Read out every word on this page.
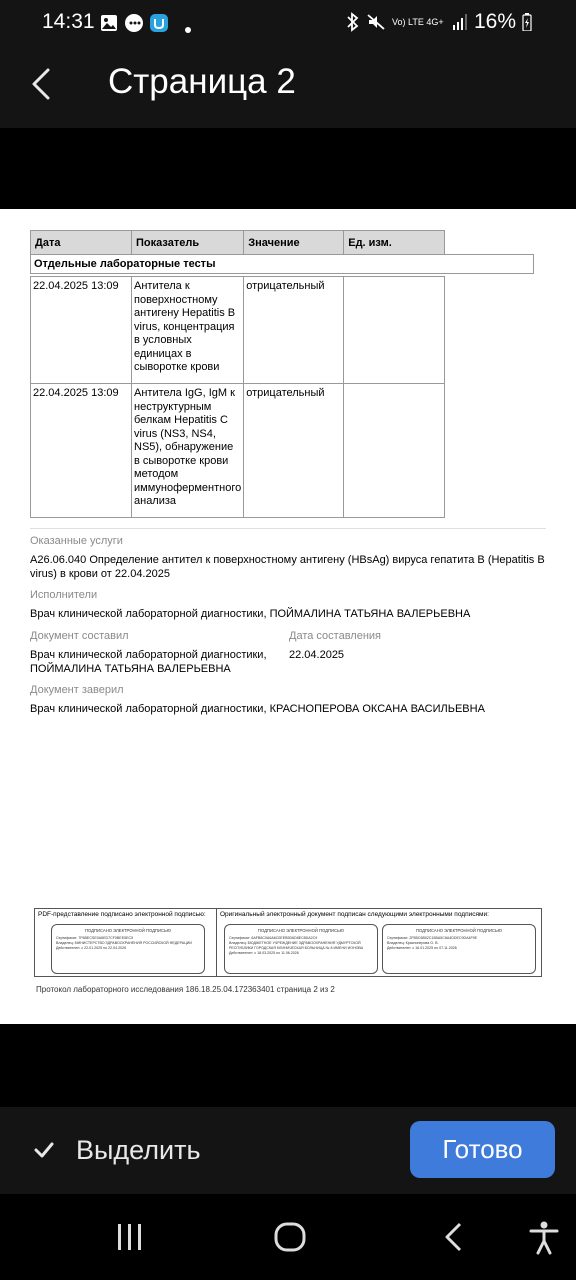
14:31	Vo) LTE 4G+ 16%
Страница 2
Дата	Показатель	Значение	Ед. изм.

22.04.2025 13:09	Антитела к поверхностному антигену Hepatitis B virus, концентрация в условных единицах в сыворотке крови	отрицательный	
22.04.2025 13:09	Антитела IgG, IgM к неструктурным белкам Hepatitis C virus (NS3, NS4, NS5), обнаружение в сыворотке крови методом иммуноферментного анализа	отрицательный	
Отдельные лабораторные тесты
Оказанные услуги
A26.06.040 Определение антител к поверхностному антигену (HBsAg) вируса гепатита B (Hepatitis B virus) в крови от 22.04.2025
Исполнители
Врач клинической лабораторной диагностики, ПОЙМАЛИНА ТАТЬЯНА ВАЛЕРЬЕВНА
Документ составил
Врач клинической лабораторной диагностики, ПОЙМАЛИНА ТАТЬЯНА ВАЛЕРЬЕВНА
Дата составления
22.04.2025
Документ заверил
Врач клинической лабораторной диагностики, КРАСНОПЕРОВА ОКСАНА ВАСИЛЬЕВНА
PDF-представление подписано электронной подписью: Оригинальный электронный документ подписан следующими электронными подписями:
ПОДПИСАНО ЭЛЕКТРОННОЙ ПОДПИСЬЮ
Сертификат: 7F6BECSE0A6ED7CF0BEE5EC5
Владелец: МИНИСТЕРСТВО ЗДРАВООХРАНЕНИЯ РОССИЙСКОЙ ФЕДЕРАЦИИ
Действителен: с 22.01.2025 по 22.04.2026
ПОДПИСАНО ЭЛЕКТРОННОЙ ПОДПИСЬЮ
Сертификат: 6AFB8C0A6A6C0EEB5D6D8EC8DA2C9
Владелец: БЮДЖЕТНОЕ УЧРЕЖДЕНИЕ ЗДРАВООХРАНЕНИЯ УДМУРТСКОЙ РЕСПУБЛИКИ ГОРОДСКАЯ КЛИНИЧЕСКАЯ БОЛЬНИЦА № 8 ИМЕНИ ИОНОВА
Действителен: с 18.03.2025 по 11.06.2026
ПОДПИСАНО ЭЛЕКТРОННОЙ ПОДПИСЬЮ
Сертификат: 2FB5C6B02C1B5A5C8A4DDEC9DA4F9E
Владелец: Красноперова О. В.
Действителен: с 16.01.2025 по 07.11.2026
Протокол лабораторного исследования 186.18.25.04.172363401 страница 2 из 2
Выделить	Готово
